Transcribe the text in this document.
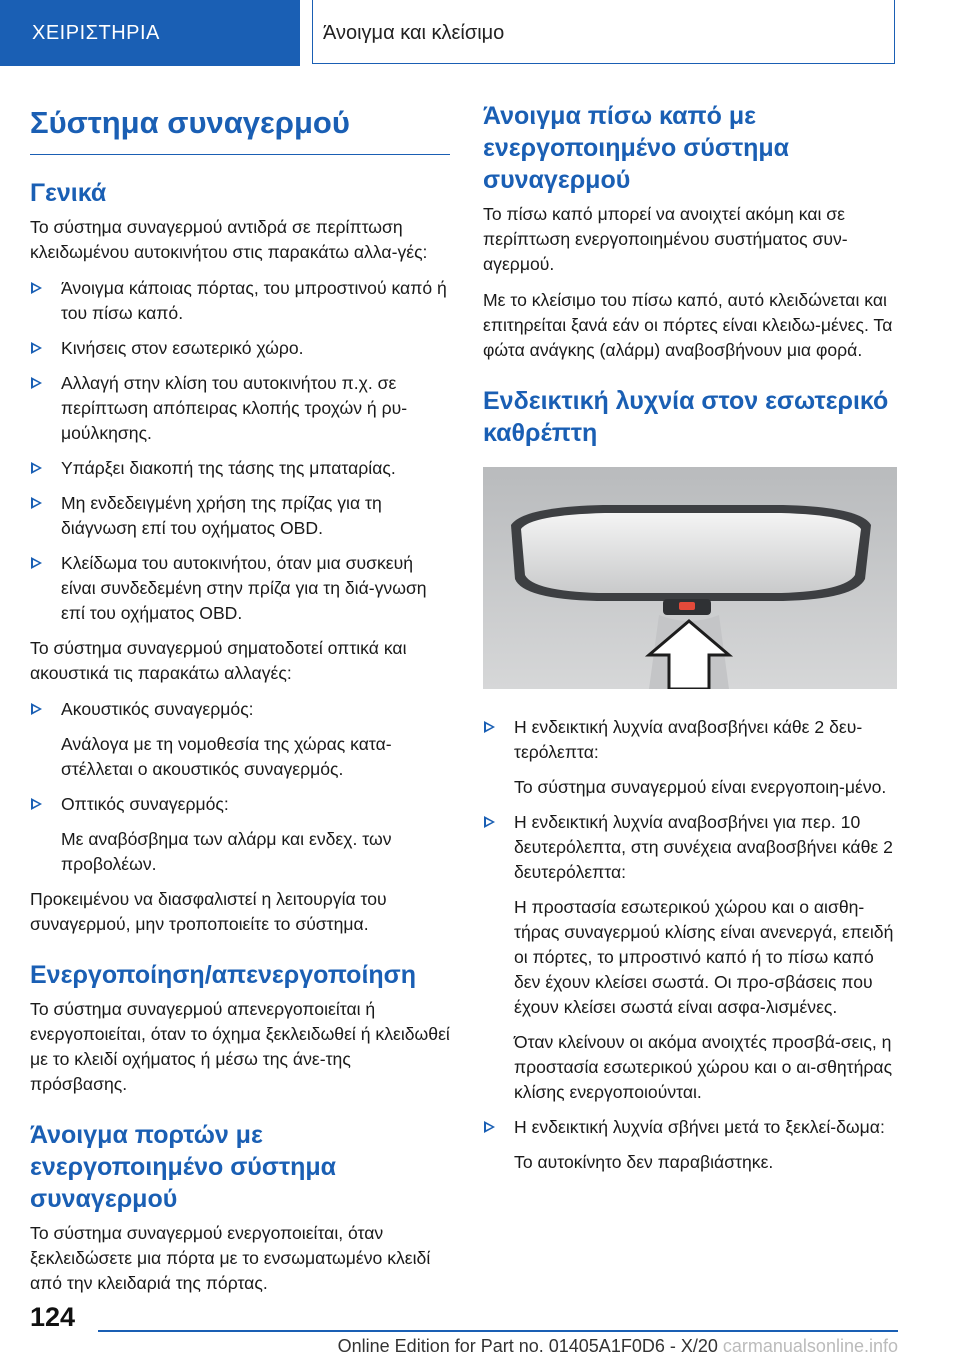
ΧΕΙΡΙΣΤΗΡΙΑ	Άνοιγμα και κλείσιμο
Σύστημα συναγερμού
Γενικά

Το σύστημα συναγερμού αντιδρά σε περίπτωση κλειδωμένου αυτοκινήτου στις παρακάτω αλλα-γές:

Άνοιγμα κάποιας πόρτας, του μπροστινού καπό ή του πίσω καπό.
Κινήσεις στον εσωτερικό χώρο.
Αλλαγή στην κλίση του αυτοκινήτου π.χ. σε περίπτωση απόπειρας κλοπής τροχών ή ρυ-μούλκησης.
Υπάρξει διακοπή της τάσης της μπαταρίας.
Μη ενδεδειγμένη χρήση της πρίζας για τη διάγνωση επί του οχήματος OBD.
Κλείδωμα του αυτοκινήτου, όταν μια συσκευή είναι συνδεδεμένη στην πρίζα για τη διά-γνωση επί του οχήματος OBD.

Το σύστημα συναγερμού σηματοδοτεί οπτικά και ακουστικά τις παρακάτω αλλαγές:

Ακουστικός συναγερμός:
Ανάλογα με τη νομοθεσία της χώρας κατα-στέλλεται ο ακουστικός συναγερμός.
Οπτικός συναγερμός:
Με αναβόσβημα των αλάρμ και ενδεχ. των προβολέων.

Προκειμένου να διασφαλιστεί η λειτουργία του συναγερμού, μην τροποποιείτε το σύστημα.

Ενεργοποίηση/απενεργοποίηση

Το σύστημα συναγερμού απενεργοποιείται ή ενεργοποιείται, όταν το όχημα ξεκλειδωθεί ή κλειδωθεί με το κλειδί οχήματος ή μέσω της άνε-της πρόσβασης.

Άνοιγμα πορτών με ενεργοποιημένο σύστημα συναγερμού

Το σύστημα συναγερμού ενεργοποιείται, όταν ξεκλειδώσετε μια πόρτα με το ενσωματωμένο κλειδί από την κλειδαριά της πόρτας.

Άνοιγμα πίσω καπό με ενεργοποιημένο σύστημα συναγερμού

Το πίσω καπό μπορεί να ανοιχτεί ακόμη και σε περίπτωση ενεργοποιημένου συστήματος συν-αγερμού.

Με το κλείσιμο του πίσω καπό, αυτό κλειδώνεται και επιτηρείται ξανά εάν οι πόρτες είναι κλειδω-μένες. Τα φώτα ανάγκης (αλάρμ) αναβοσβήνουν μια φορά.

Ενδεικτική λυχνία στον εσωτερικό καθρέπτη
Η ενδεικτική λυχνία αναβοσβήνει κάθε 2 δευ-τερόλεπτα:
Το σύστημα συναγερμού είναι ενεργοποιη-μένο.
Η ενδεικτική λυχνία αναβοσβήνει για περ. 10 δευτερόλεπτα, στη συνέχεια αναβοσβήνει κάθε 2 δευτερόλεπτα:
Η προστασία εσωτερικού χώρου και ο αισθη-τήρας συναγερμού κλίσης είναι ανενεργά, επειδή οι πόρτες, το μπροστινό καπό ή το πίσω καπό δεν έχουν κλείσει σωστά. Οι προ-σβάσεις που έχουν κλείσει σωστά είναι ασφα-λισμένες.
Όταν κλείνουν οι ακόμα ανοιχτές προσβά-σεις, η προστασία εσωτερικού χώρου και ο αι-σθητήρας κλίσης ενεργοποιούνται.
Η ενδεικτική λυχνία σβήνει μετά το ξεκλεί-δωμα:
Το αυτοκίνητο δεν παραβιάστηκε.
124
Online Edition for Part no. 01405A1F0D6 - X/20 carmanualsonline.info
